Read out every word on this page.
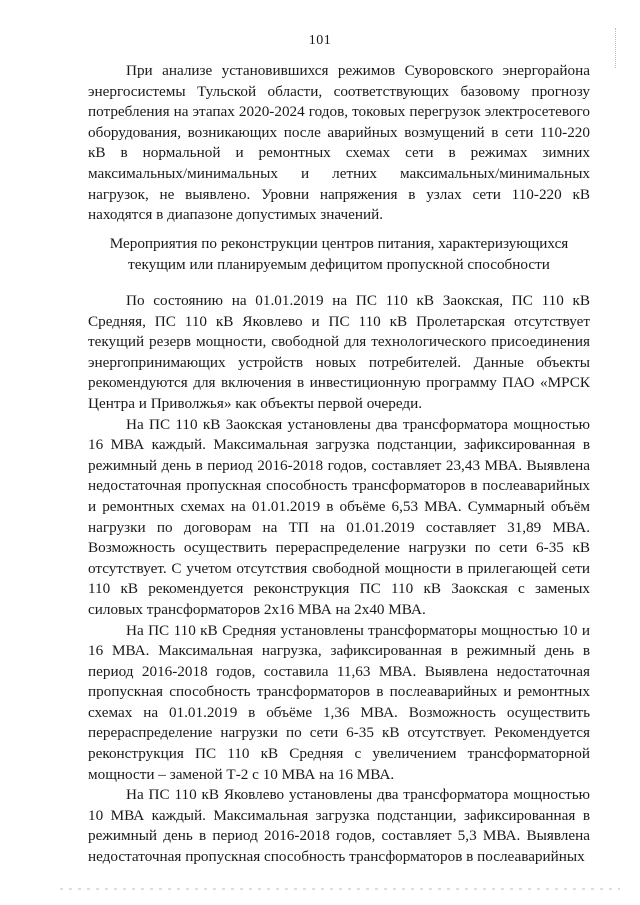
101

При анализе установившихся режимов Суворовского энергорайона энергосистемы Тульской области, соответствующих базовому прогнозу потребления на этапах 2020-2024 годов, токовых перегрузок электросетевого оборудования, возникающих после аварийных возмущений в сети 110-220 кВ в нормальной и ремонтных схемах сети в режимах зимних максимальных/минимальных и летних максимальных/минимальных нагрузок, не выявлено. Уровни напряжения в узлах сети 110-220 кВ находятся в диапазоне допустимых значений.

Мероприятия по реконструкции центров питания, характеризующихся текущим или планируемым дефицитом пропускной способности

По состоянию на 01.01.2019 на ПС 110 кВ Заокская, ПС 110 кВ Средняя, ПС 110 кВ Яковлево и ПС 110 кВ Пролетарская отсутствует текущий резерв мощности, свободной для технологического присоединения энергопринимающих устройств новых потребителей. Данные объекты рекомендуются для включения в инвестиционную программу ПАО «МРСК Центра и Приволжья» как объекты первой очереди.

На ПС 110 кВ Заокская установлены два трансформатора мощностью 16 МВА каждый. Максимальная загрузка подстанции, зафиксированная в режимный день в период 2016-2018 годов, составляет 23,43 МВА. Выявлена недостаточная пропускная способность трансформаторов в послеаварийных и ремонтных схемах на 01.01.2019 в объёме 6,53 МВА. Суммарный объём нагрузки по договорам на ТП на 01.01.2019 составляет 31,89 МВА. Возможность осуществить перераспределение нагрузки по сети 6-35 кВ отсутствует. С учетом отсутствия свободной мощности в прилегающей сети 110 кВ рекомендуется реконструкция ПС 110 кВ Заокская с заменых силовых трансформаторов 2х16 МВА на 2х40 МВА.

На ПС 110 кВ Средняя установлены трансформаторы мощностью 10 и 16 МВА. Максимальная нагрузка, зафиксированная в режимный день в период 2016-2018 годов, составила 11,63 МВА. Выявлена недостаточная пропускная способность трансформаторов в послеаварийных и ремонтных схемах на 01.01.2019 в объёме 1,36 МВА. Возможность осуществить перераспределение нагрузки по сети 6-35 кВ отсутствует. Рекомендуется реконструкция ПС 110 кВ Средняя с увеличением трансформаторной мощности – заменой Т-2 с 10 МВА на 16 МВА.

На ПС 110 кВ Яковлево установлены два трансформатора мощностью 10 МВА каждый. Максимальная загрузка подстанции, зафиксированная в режимный день в период 2016-2018 годов, составляет 5,3 МВА. Выявлена недостаточная пропускная способность трансформаторов в послеаварийных
